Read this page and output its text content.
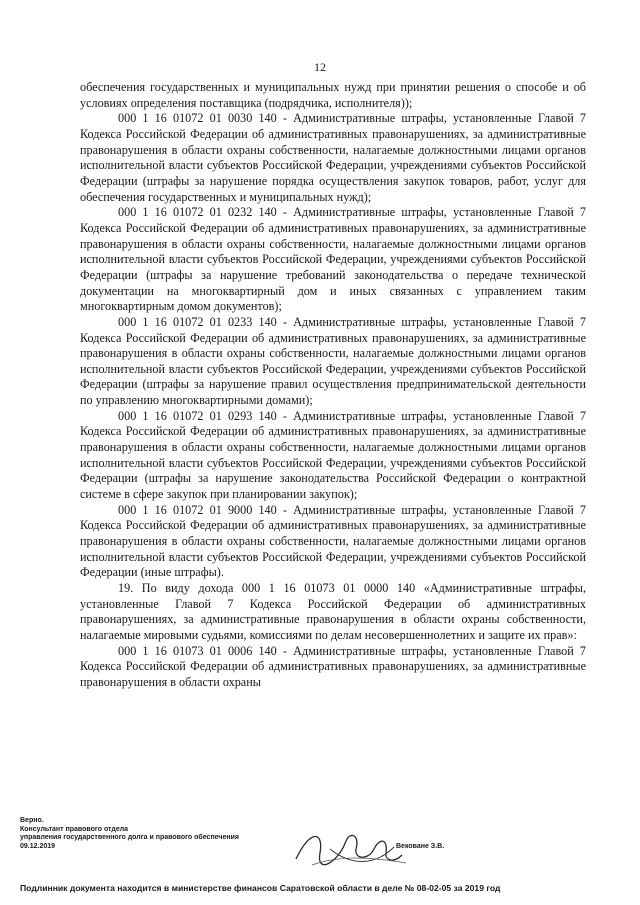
12

обеспечения государственных и муниципальных нужд при принятии решения о способе и об условиях определения поставщика (подрядчика, исполнителя));

000 1 16 01072 01 0030 140 - Административные штрафы, установленные Главой 7 Кодекса Российской Федерации об административных правонарушениях, за административные правонарушения в области охраны собственности, налагаемые должностными лицами органов исполнительной власти субъектов Российской Федерации, учреждениями субъектов Российской Федерации (штрафы за нарушение порядка осуществления закупок товаров, работ, услуг для обеспечения государственных и муниципальных нужд);

000 1 16 01072 01 0232 140 - Административные штрафы, установленные Главой 7 Кодекса Российской Федерации об административных правонарушениях, за административные правонарушения в области охраны собственности, налагаемые должностными лицами органов исполнительной власти субъектов Российской Федерации, учреждениями субъектов Российской Федерации (штрафы за нарушение требований законодательства о передаче технической документации на многоквартирный дом и иных связанных с управлением таким многоквартирным домом документов);

000 1 16 01072 01 0233 140 - Административные штрафы, установленные Главой 7 Кодекса Российской Федерации об административных правонарушениях, за административные правонарушения в области охраны собственности, налагаемые должностными лицами органов исполнительной власти субъектов Российской Федерации, учреждениями субъектов Российской Федерации (штрафы за нарушение правил осуществления предпринимательской деятельности по управлению многоквартирными домами);

000 1 16 01072 01 0293 140 - Административные штрафы, установленные Главой 7 Кодекса Российской Федерации об административных правонарушениях, за административные правонарушения в области охраны собственности, налагаемые должностными лицами органов исполнительной власти субъектов Российской Федерации, учреждениями субъектов Российской Федерации (штрафы за нарушение законодательства Российской Федерации о контрактной системе в сфере закупок при планировании закупок);

000 1 16 01072 01 9000 140 - Административные штрафы, установленные Главой 7 Кодекса Российской Федерации об административных правонарушениях, за административные правонарушения в области охраны собственности, налагаемые должностными лицами органов исполнительной власти субъектов Российской Федерации, учреждениями субъектов Российской Федерации (иные штрафы).

19. По виду дохода 000 1 16 01073 01 0000 140 «Административные штрафы, установленные Главой 7 Кодекса Российской Федерации об административных правонарушениях, за административные правонарушения в области охраны собственности, налагаемые мировыми судьями, комиссиями по делам несовершеннолетних и защите их прав»:

000 1 16 01073 01 0006 140 - Административные штрафы, установленные Главой 7 Кодекса Российской Федерации об административных правонарушениях, за административные правонарушения в области охраны

Верно.

Консультант правового отдела

управления государственного долга и правового обеспечения

09.12.2019	Вековане З.В.
Подлинник документа находится в министерстве финансов Саратовской области в деле № 08-02-05 за 2019 год
